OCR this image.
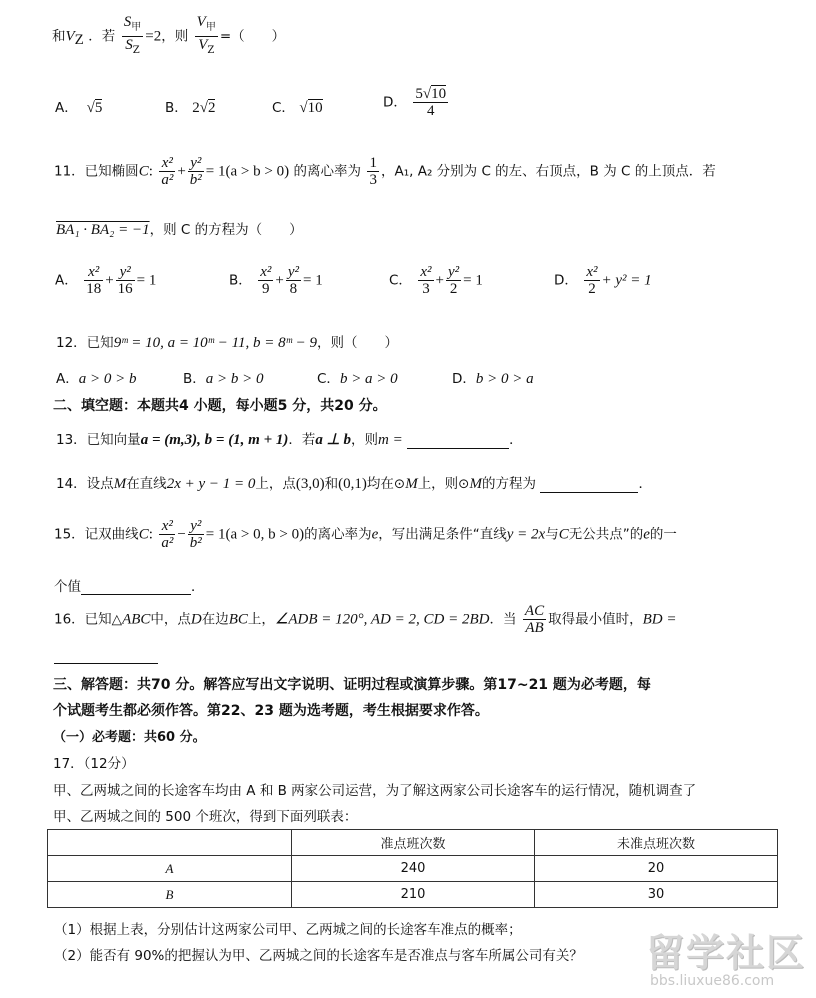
和$V_Z$ ．若 $\frac{S_甲}{S_Z} =2$，则 $\frac{V_甲}{V_Z}$ =（　　）
A． √5	B． 2√2	C． √10	D． $\frac{5√10}{4}$
11．已知椭圆C: $\frac{\text{x²}}{\text{a²}} + \frac{\text{y²}}{\text{b²}} = 1(a > b > 0)$ 的离心率为 $\frac{1}{3}$ ，A₁, A₂ 分别为 C 的左、右顶点，B 为 C 的上顶点．若
BA₁ · BA₂ = −1，则 C 的方程为（　　）
A． $\frac{\text{x²}}{18} + \frac{\text{y²}}{16} = 1$	B． $\frac{\text{x²}}{9} + \frac{\text{y²}}{8} = 1$	C． $\frac{\text{x²}}{3} + \frac{\text{y²}}{2} = 1$	D． $\frac{\text{x²}}{2} + y^2 = 1$
12．已知9ᵐ = 10, a = 10ᵐ − 11, b = 8ᵐ − 9，则（　　）
A．a > 0 > b	B．a > b > 0	C．b > a > 0	D．b > 0 > a
二、填空题：本题共4 小题，每小题5 分，共20 分。
13．已知向量a = (m,3), b = (1, m + 1)．若a ⊥ b，则m =	．
14．设点M在直线2x + y − 1 = 0上，点(3,0)和(0,1)均在⊙M上，则⊙M的方程为	．
15．记双曲线C: $\frac{\text{x²}}{\text{a²}} - \frac{\text{y²}}{\text{b²}} = 1(a > 0$, b > 0)的离心率为e，写出满足条件“直线y = 2x与C无公共点”的e的一
个值	．
16．已知△ABC中，点D在边BC上，∠ADB = 120°, AD = 2, CD = 2BD．当 $\frac{AC}{AB}$ 取得最小值时，BD =
三、解答题：共70 分。解答应写出文字说明、证明过程或演算步骤。第17~21 题为必考题，每
个试题考生都必须作答。第22、23 题为选考题，考生根据要求作答。
（一）必考题：共60 分。
17．（12分）
甲、乙两城之间的长途客车均由 A 和 B 两家公司运营，为了解这两家公司长途客车的运行情况，随机调查了
甲、乙两城之间的 500 个班次，得到下面列联表：
	准点班次数	未准点班次数
A	240	20
B	210	30
（1）根据上表，分别估计这两家公司甲、乙两城之间的长途客车准点的概率；
（2）能否有 90%的把握认为甲、乙两城之间的长途客车是否准点与客车所属公司有关？ 留学社区
bbs.liuxue86.com
